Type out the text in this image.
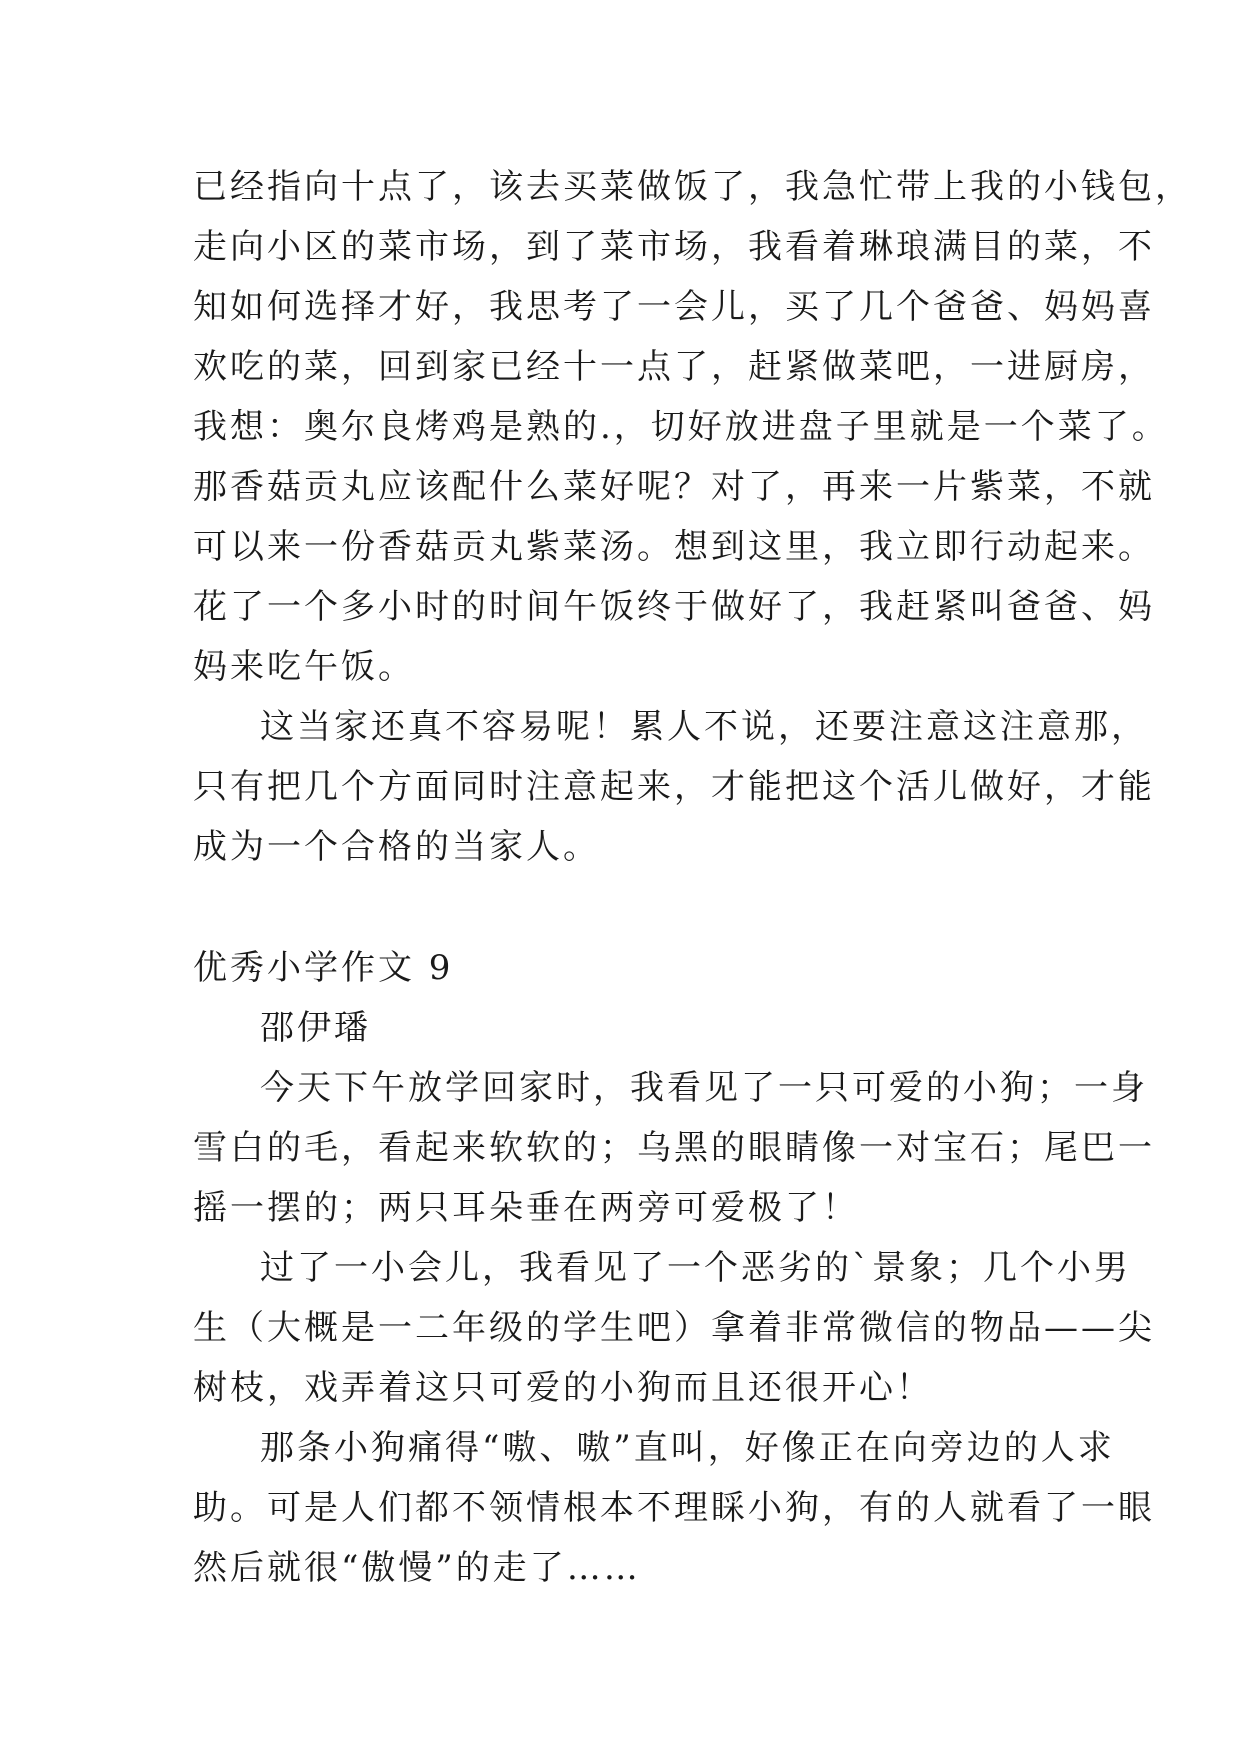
已经指向十点了，该去买菜做饭了，我急忙带上我的小钱包，
走向小区的菜市场，到了菜市场，我看着琳琅满目的菜，不
知如何选择才好，我思考了一会儿，买了几个爸爸、妈妈喜
欢吃的菜，回到家已经十一点了，赶紧做菜吧，一进厨房，
我想：奥尔良烤鸡是熟的.，切好放进盘子里就是一个菜了。
那香菇贡丸应该配什么菜好呢？对了，再来一片紫菜，不就
可以来一份香菇贡丸紫菜汤。想到这里，我立即行动起来。
花了一个多小时的时间午饭终于做好了，我赶紧叫爸爸、妈
妈来吃午饭。
这当家还真不容易呢！累人不说，还要注意这注意那，
只有把几个方面同时注意起来，才能把这个活儿做好，才能
成为一个合格的当家人。
优秀小学作文 9
邵伊璠
今天下午放学回家时，我看见了一只可爱的小狗；一身
雪白的毛，看起来软软的；乌黑的眼睛像一对宝石；尾巴一
摇一摆的；两只耳朵垂在两旁可爱极了！
过了一小会儿，我看见了一个恶劣的`景象；几个小男
生（大概是一二年级的学生吧）拿着非常微信的物品——尖
树枝，戏弄着这只可爱的小狗而且还很开心！
那条小狗痛得“嗷、嗷”直叫，好像正在向旁边的人求
助。可是人们都不领情根本不理睬小狗，有的人就看了一眼
然后就很“傲慢”的走了……
